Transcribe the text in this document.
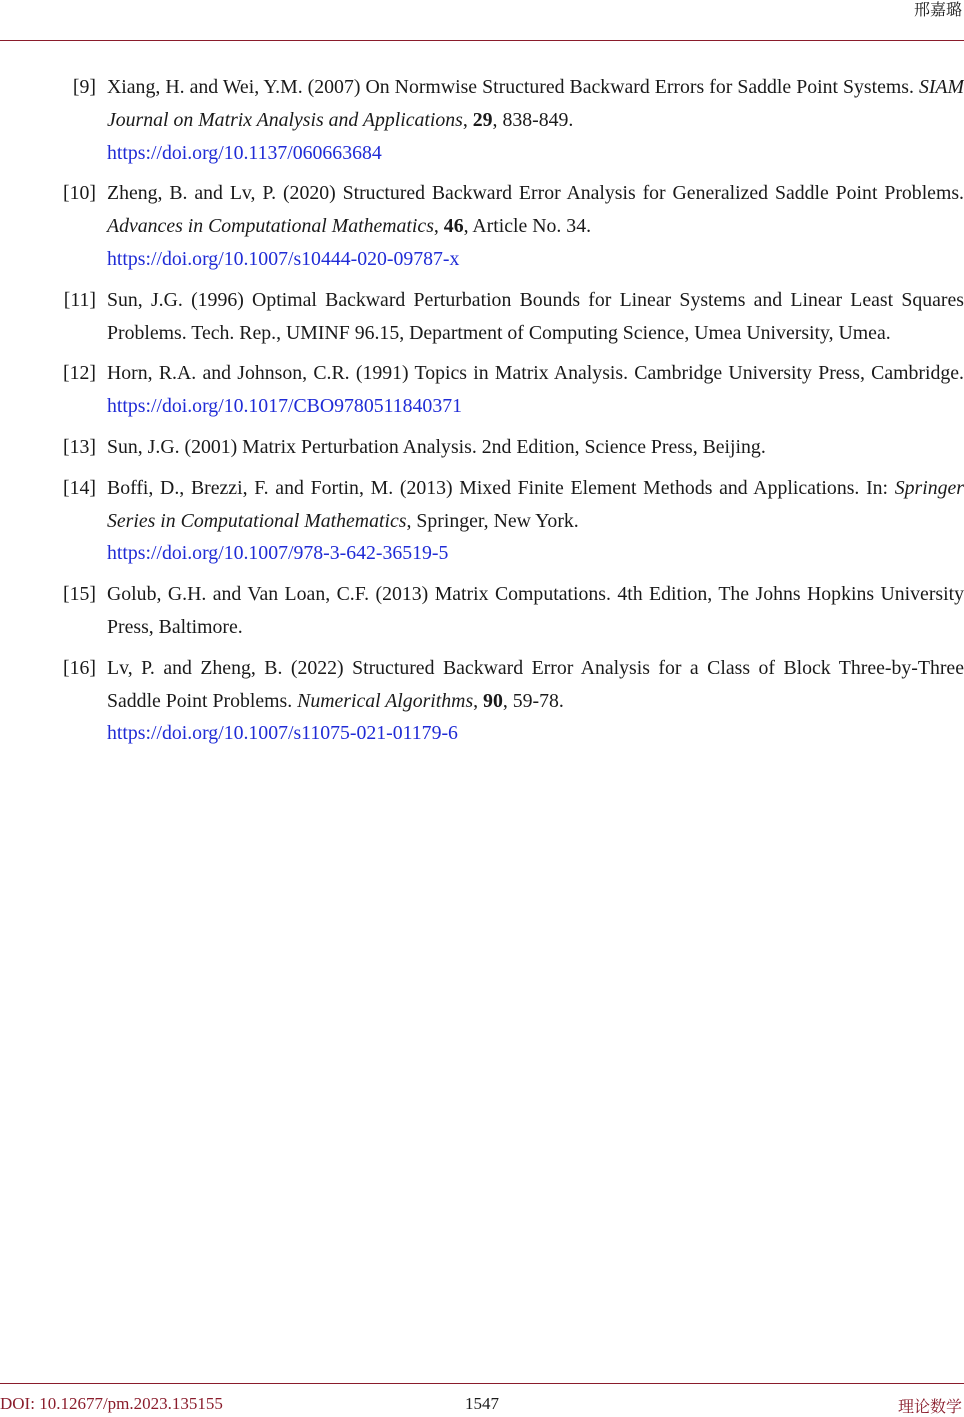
邢嘉璐
[9] Xiang, H. and Wei, Y.M. (2007) On Normwise Structured Backward Errors for Saddle Point Systems. SIAM Journal on Matrix Analysis and Applications, 29, 838-849.
https://doi.org/10.1137/060663684
[10] Zheng, B. and Lv, P. (2020) Structured Backward Error Analysis for Generalized Saddle Point Problems. Advances in Computational Mathematics, 46, Article No. 34.
https://doi.org/10.1007/s10444-020-09787-x
[11] Sun, J.G. (1996) Optimal Backward Perturbation Bounds for Linear Systems and Linear Least Squares Problems. Tech. Rep., UMINF 96.15, Department of Computing Science, Umea University, Umea.
[12] Horn, R.A. and Johnson, C.R. (1991) Topics in Matrix Analysis. Cambridge University Press, Cambridge. https://doi.org/10.1017/CBO9780511840371
[13] Sun, J.G. (2001) Matrix Perturbation Analysis. 2nd Edition, Science Press, Beijing.
[14] Boffi, D., Brezzi, F. and Fortin, M. (2013) Mixed Finite Element Methods and Applications. In: Springer Series in Computational Mathematics, Springer, New York.
https://doi.org/10.1007/978-3-642-36519-5
[15] Golub, G.H. and Van Loan, C.F. (2013) Matrix Computations. 4th Edition, The Johns Hopkins University Press, Baltimore.
[16] Lv, P. and Zheng, B. (2022) Structured Backward Error Analysis for a Class of Block Three-by-Three Saddle Point Problems. Numerical Algorithms, 90, 59-78.
https://doi.org/10.1007/s11075-021-01179-6
DOI: 10.12677/pm.2023.135155	1547	理论数学
